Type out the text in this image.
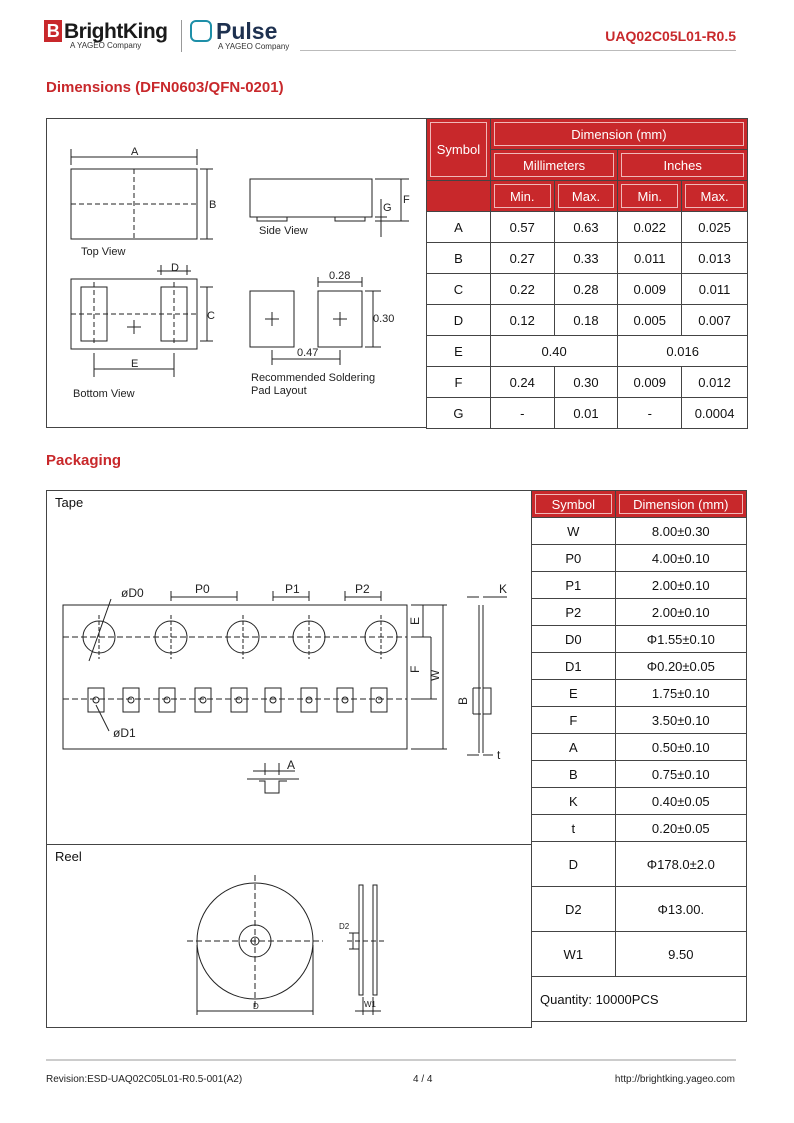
B BrightKing
A YAGEO Company
Pulse
A YAGEO Company
UAQ02C05L01-R0.5
Dimensions (DFN0603/QFN-0201)
A
B
Top View
Side View
G
F
D
C
E
Bottom View
0.28
0.30
0.47
Recommended Soldering
Pad Layout
Symbol	Dimension (mm)			
	Millimeters		Inches	
	Min.	Max.	Min.	Max.
A	0.57	0.63	0.022	0.025
B	0.27	0.33	0.011	0.013
C	0.22	0.28	0.009	0.011
D	0.12	0.18	0.005	0.007
E	0.40		0.016	
F	0.24	0.30	0.009	0.012
G	-	0.01	-	0.0004
Packaging
Tape
øD0	P0	P1	P2	K
øD1
E
F
W
B
t
A
Reel
D
D2
W1
Symbol	Dimension (mm)
W	8.00±0.30
P0	4.00±0.10
P1	2.00±0.10
P2	2.00±0.10
D0	Φ1.55±0.10
D1	Φ0.20±0.05
E	1.75±0.10
F	3.50±0.10
A	0.50±0.10
B	0.75±0.10
K	0.40±0.05
t	0.20±0.05
D	Φ178.0±2.0
D2	Φ13.00.
W1	9.50
Quantity: 10000PCS	
Revision:ESD-UAQ02C05L01-R0.5-001(A2)	4 / 4	http://brightking.yageo.com
